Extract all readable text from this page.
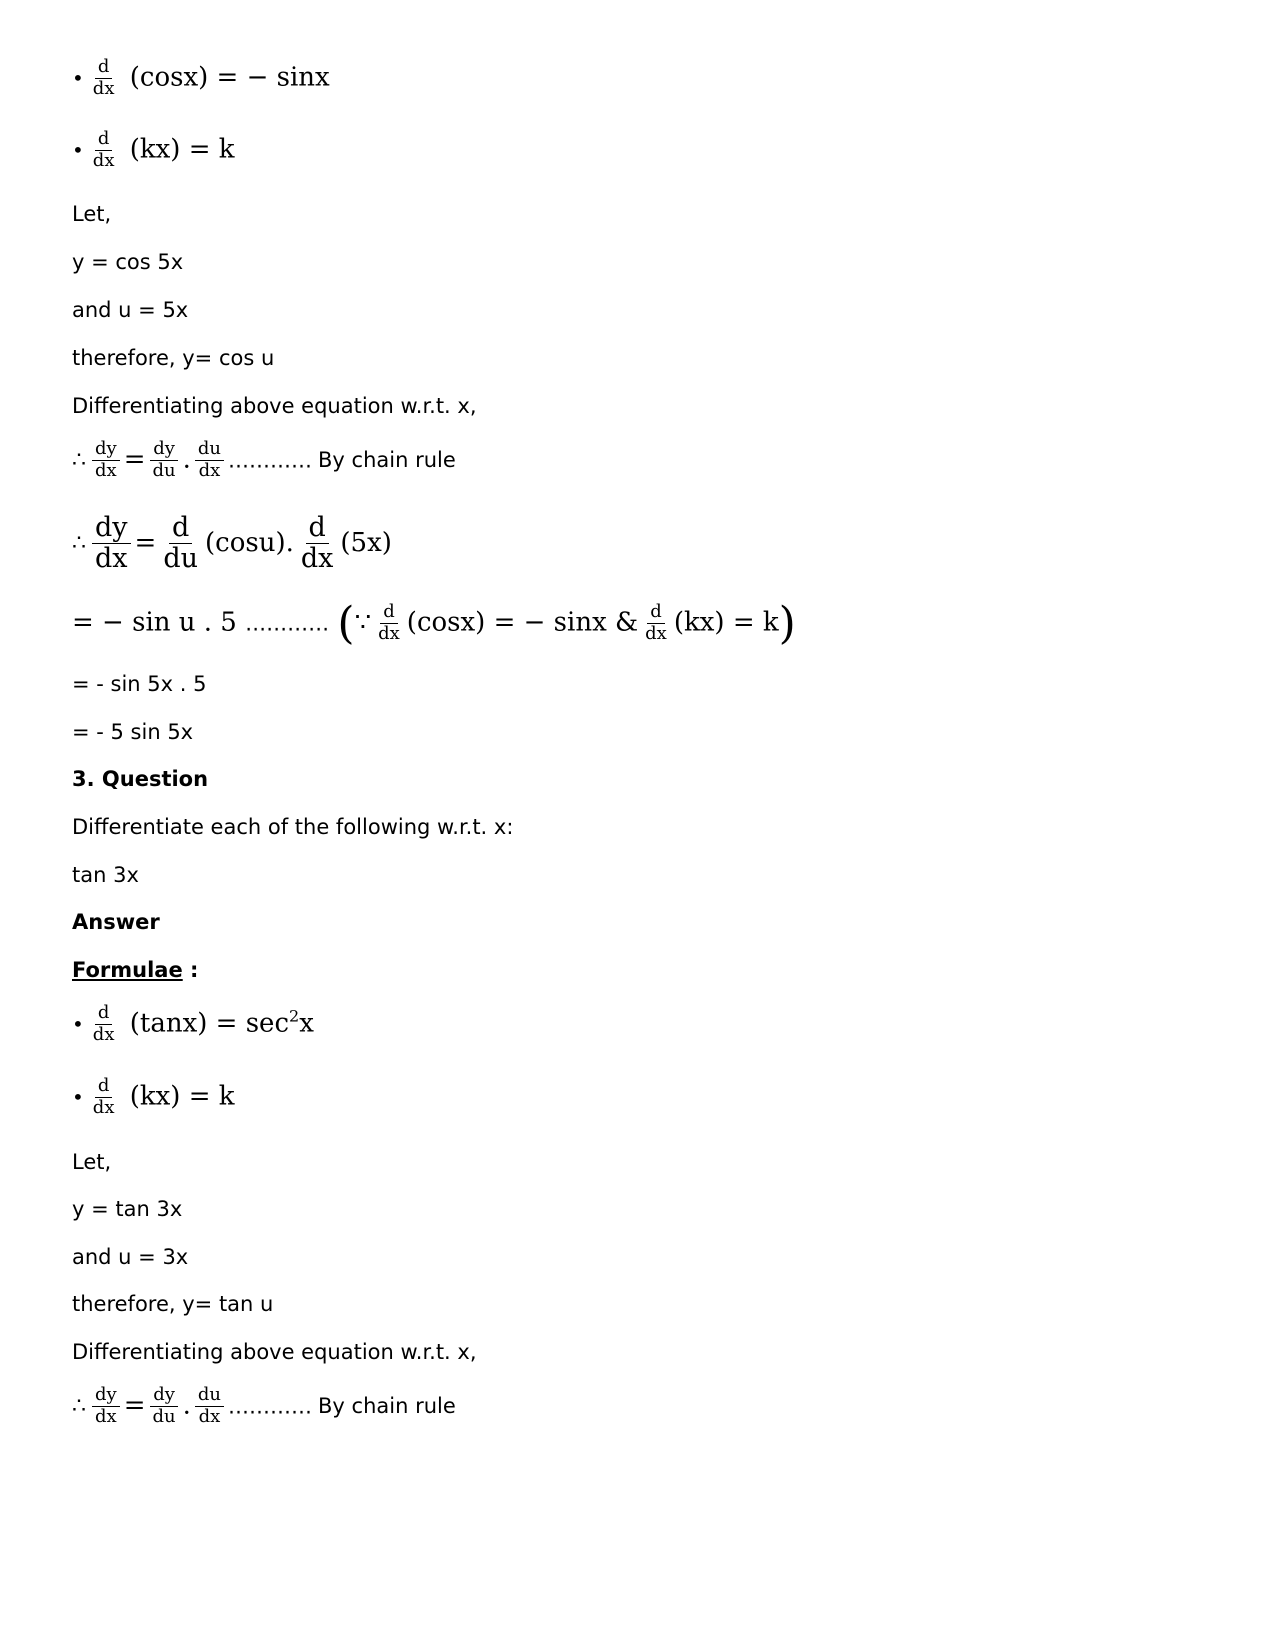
• $\frac{d}{dx} (\cos x)$ = − sinx
• $\frac{d}{dx} (kx) = k$
Let,
y = cos 5x
and u = 5x
therefore, y= cos u
Differentiating above equation w.r.t. x,
∴ $\frac{dy}{dx} = \frac{dy}{du}$ . $\frac{du}{dx}$ ………… By chain rule
∴ $\frac{dy}{dx} = \frac{d}{du} (\cos u)$. $\frac{d}{dx} (5x)$
= − sin u . 5 ………… (∵ $\frac{d}{dx} (\cos x)$ = − sinx & $\frac{d}{dx} (kx) = k$)
= - sin 5x . 5
= - 5 sin 5x
3. Question
Differentiate each of the following w.r.t. x:
tan 3x
Answer
Formulae :
• $\frac{d}{dx} (\tan x) = \sec^2x$
• $\frac{d}{dx} (kx) = k$
Let,
y = tan 3x
and u = 3x
therefore, y= tan u
Differentiating above equation w.r.t. x,
∴ $\frac{dy}{dx} = \frac{dy}{du}$ . $\frac{du}{dx}$ ………… By chain rule
